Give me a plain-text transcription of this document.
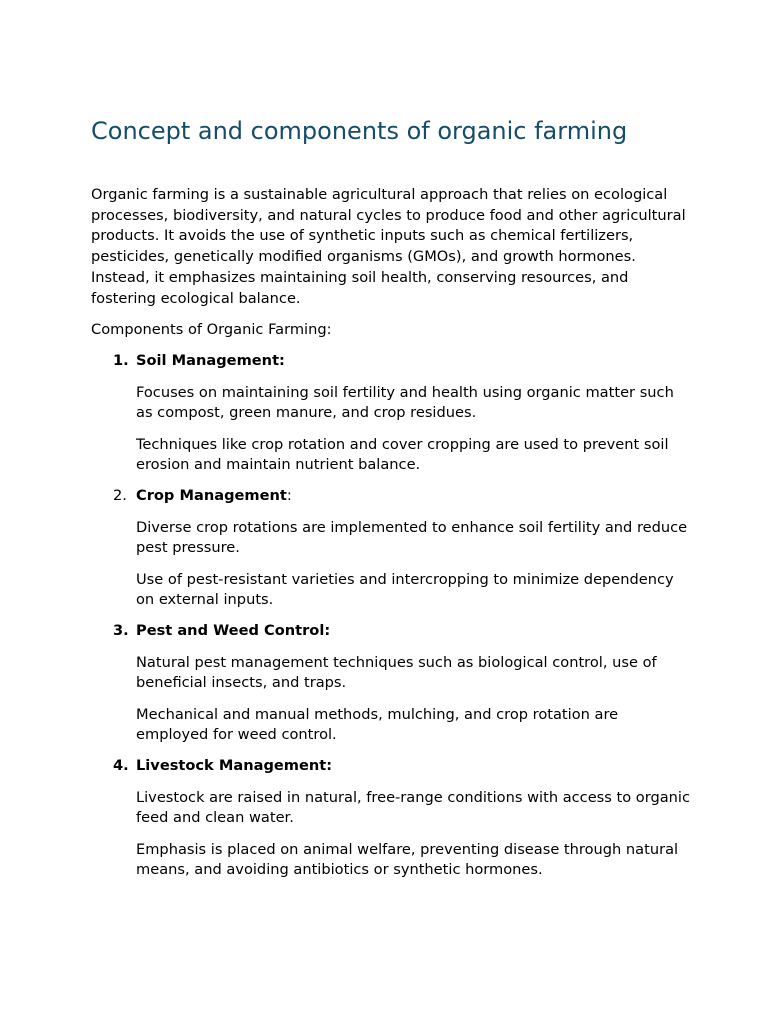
Concept and components of organic farming

Organic farming is a sustainable agricultural approach that relies on ecological processes, biodiversity, and natural cycles to produce food and other agricultural products. It avoids the use of synthetic inputs such as chemical fertilizers, pesticides, genetically modified organisms (GMOs), and growth hormones. Instead, it emphasizes maintaining soil health, conserving resources, and fostering ecological balance.

Components of Organic Farming:

1. Soil Management:

Focuses on maintaining soil fertility and health using organic matter such as compost, green manure, and crop residues.

Techniques like crop rotation and cover cropping are used to prevent soil erosion and maintain nutrient balance.

2. Crop Management:

Diverse crop rotations are implemented to enhance soil fertility and reduce pest pressure.

Use of pest-resistant varieties and intercropping to minimize dependency on external inputs.

3. Pest and Weed Control:

Natural pest management techniques such as biological control, use of beneficial insects, and traps.

Mechanical and manual methods, mulching, and crop rotation are employed for weed control.

4. Livestock Management:

Livestock are raised in natural, free-range conditions with access to organic feed and clean water.

Emphasis is placed on animal welfare, preventing disease through natural means, and avoiding antibiotics or synthetic hormones.
